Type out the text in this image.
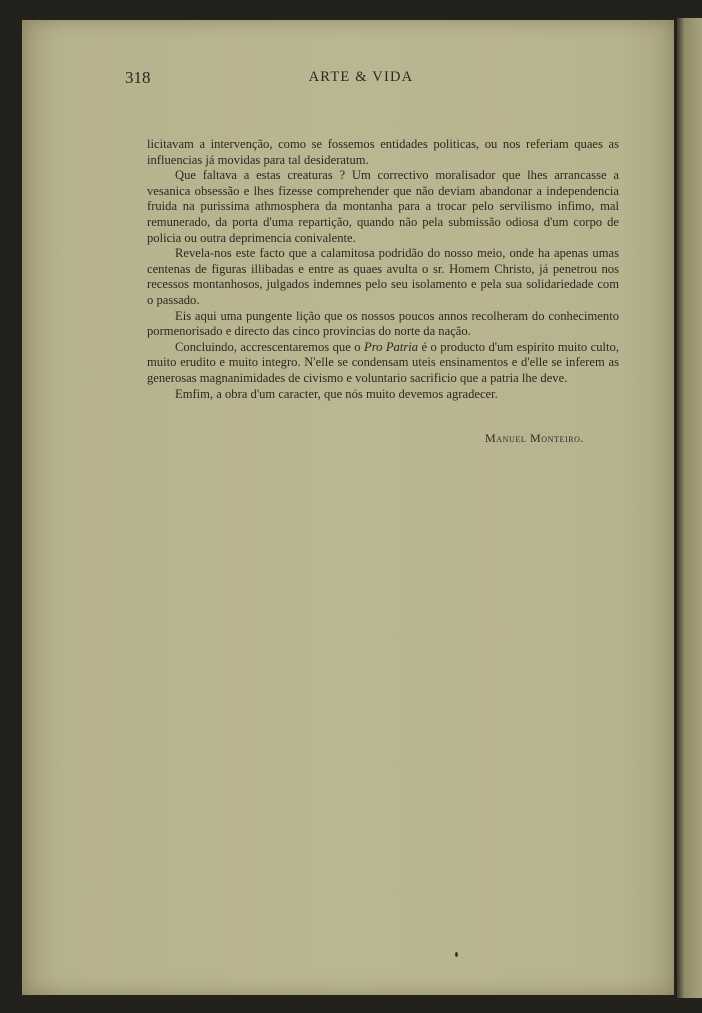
318	ARTE & VIDA

licitavam a intervenção, como se fossemos entidades politicas, ou nos referiam quaes as influencias já movidas para tal desideratum.

Que faltava a estas creaturas ? Um correctivo moralisador que lhes arrancasse a vesanica obsessão e lhes fizesse comprehender que não deviam abandonar a independencia fruida na purissima athmosphera da montanha para a trocar pelo servilismo infimo, mal remunerado, da porta d'uma repartição, quando não pela submissão odiosa d'um corpo de policia ou outra deprimencia conivalente.

Revela-nos este facto que a calamitosa podridão do nosso meio, onde ha apenas umas centenas de figuras illibadas e entre as quaes avulta o sr. Homem Christo, já penetrou nos recessos montanhosos, julgados indemnes pelo seu isolamento e pela sua solidariedade com o passado.

Eis aqui uma pungente lição que os nossos poucos annos recolheram do conhecimento pormenorisado e directo das cinco provincias do norte da nação.

Concluindo, accrescentaremos que o Pro Patria é o producto d'um espirito muito culto, muito erudito e muito integro. N'elle se condensam uteis ensinamentos e d'elle se inferem as generosas magnanimidades de civismo e voluntario sacrificio que a patria lhe deve.

Emfim, a obra d'um caracter, que nós muito devemos agradecer.

Manuel Monteiro.
